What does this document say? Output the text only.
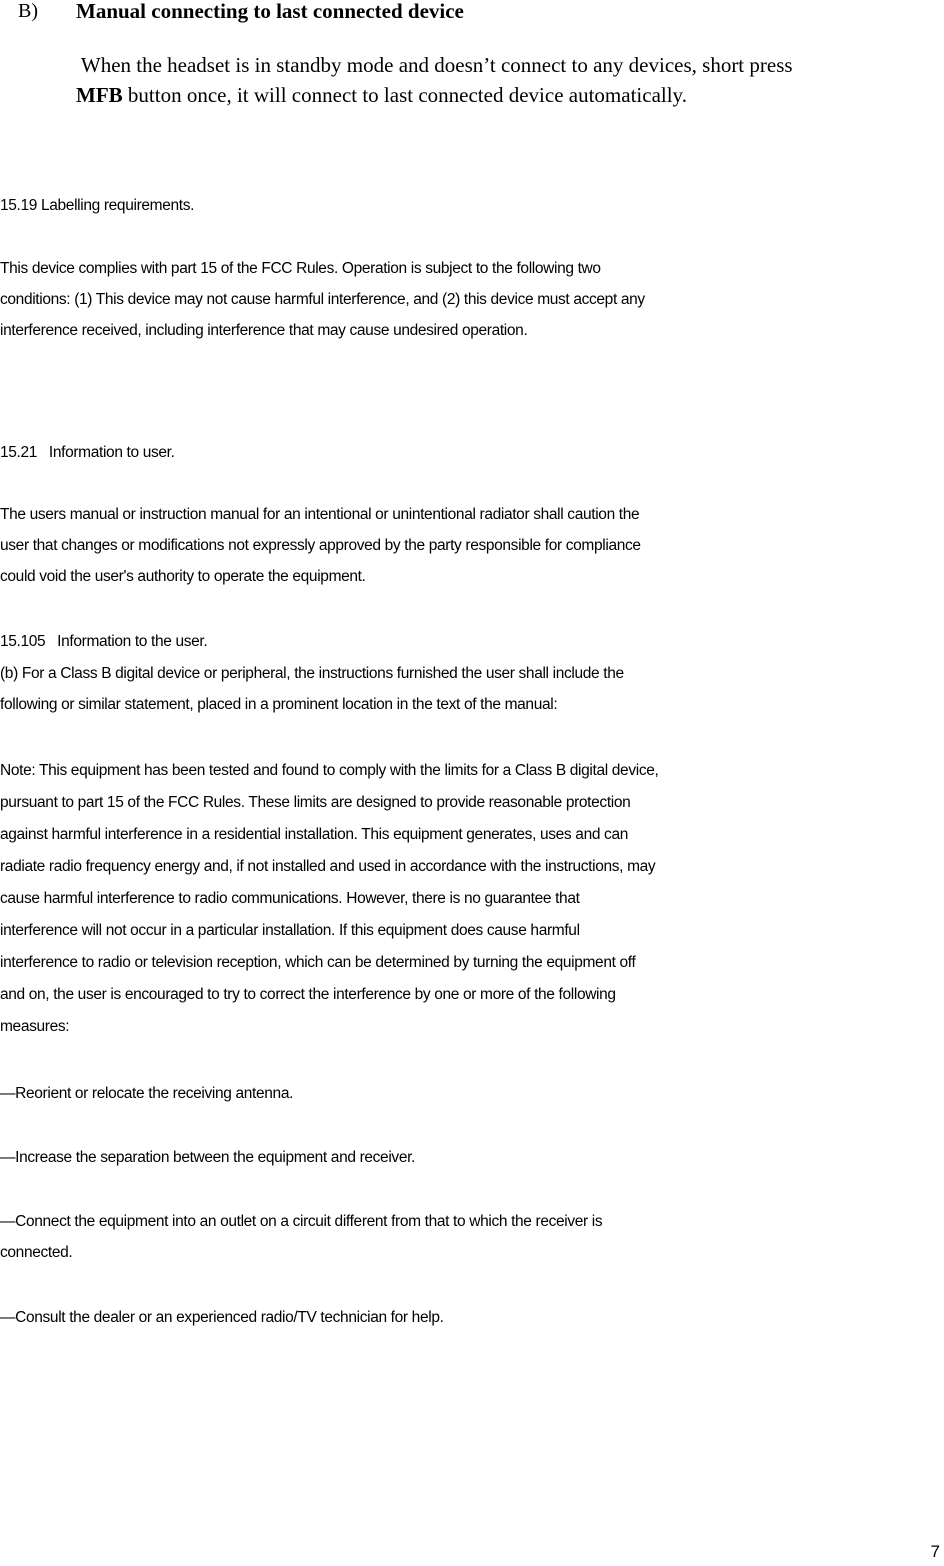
B) Manual connecting to last connected device
When the headset is in standby mode and doesn’t connect to any devices, short press
MFB button once, it will connect to last connected device automatically.
15.19 Labelling requirements.
This device complies with part 15 of the FCC Rules. Operation is subject to the following two
conditions: (1) This device may not cause harmful interference, and (2) this device must accept any
interference received, including interference that may cause undesired operation.
15.21   Information to user.
The users manual or instruction manual for an intentional or unintentional radiator shall caution the
user that changes or modifications not expressly approved by the party responsible for compliance
could void the user's authority to operate the equipment.
15.105   Information to the user.
(b) For a Class B digital device or peripheral, the instructions furnished the user shall include the
following or similar statement, placed in a prominent location in the text of the manual:
Note: This equipment has been tested and found to comply with the limits for a Class B digital device,
pursuant to part 15 of the FCC Rules. These limits are designed to provide reasonable protection
against harmful interference in a residential installation. This equipment generates, uses and can
radiate radio frequency energy and, if not installed and used in accordance with the instructions, may
cause harmful interference to radio communications. However, there is no guarantee that
interference will not occur in a particular installation. If this equipment does cause harmful
interference to radio or television reception, which can be determined by turning the equipment off
and on, the user is encouraged to try to correct the interference by one or more of the following
measures:
—Reorient or relocate the receiving antenna.
—Increase the separation between the equipment and receiver.
—Connect the equipment into an outlet on a circuit different from that to which the receiver is
connected.
—Consult the dealer or an experienced radio/TV technician for help.
7
